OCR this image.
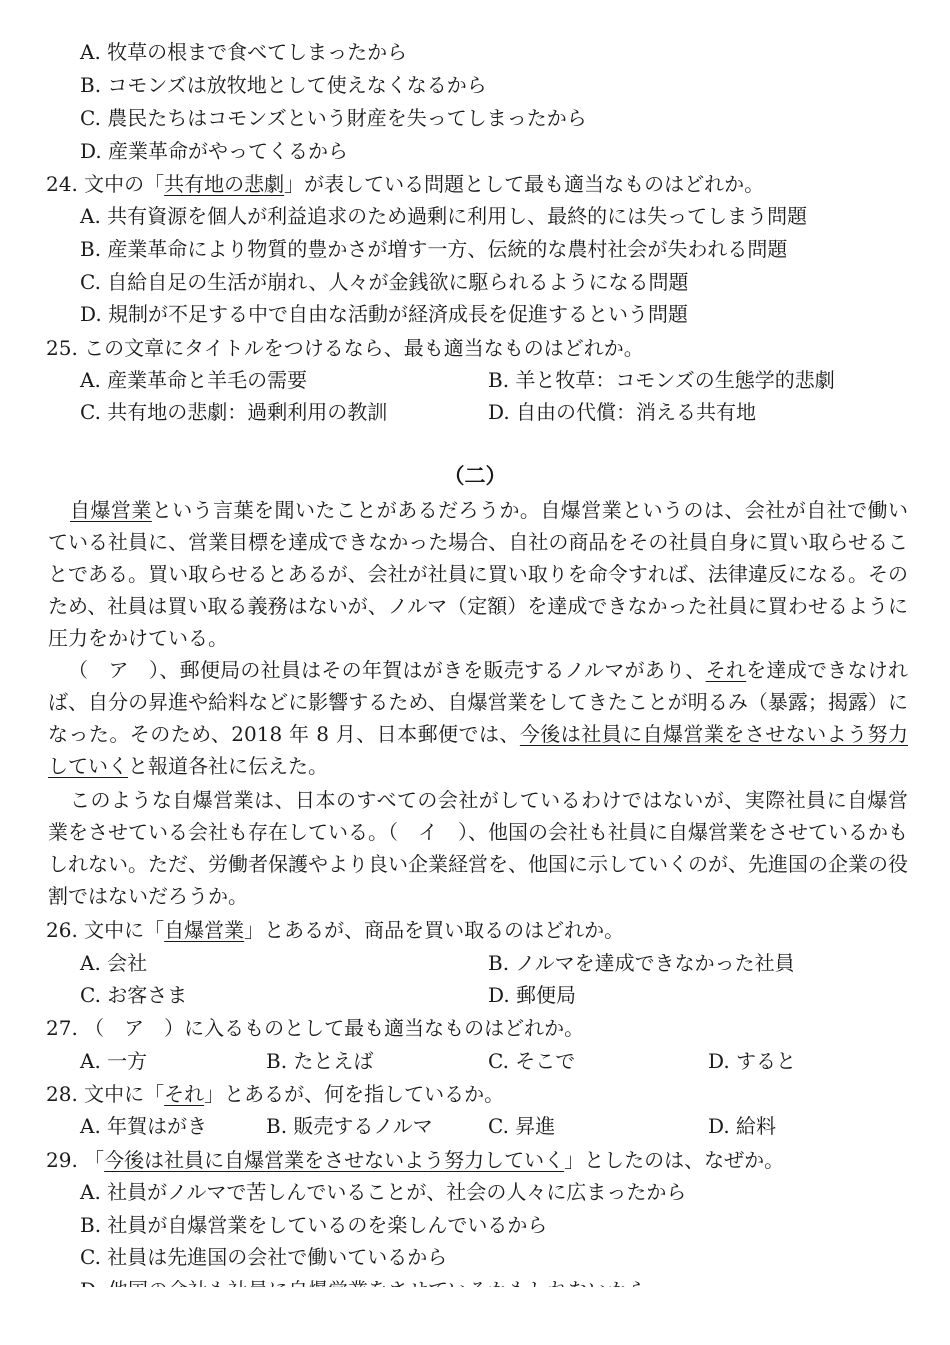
A. 牧草の根まで食べてしまったから
B. コモンズは放牧地として使えなくなるから
C. 農民たちはコモンズという財産を失ってしまったから
D. 産業革命がやってくるから
24. 文中の「共有地の悲劇」が表している問題として最も適当なものはどれか。
A. 共有資源を個人が利益追求のため過剰に利用し、最終的には失ってしまう問題
B. 産業革命により物質的豊かさが増す一方、伝統的な農村社会が失われる問題
C. 自給自足の生活が崩れ、人々が金銭欲に駆られるようになる問題
D. 規制が不足する中で自由な活動が経済成長を促進するという問題
25. この文章にタイトルをつけるなら、最も適当なものはどれか。
A. 産業革命と羊毛の需要	B. 羊と牧草：コモンズの生態学的悲劇
C. 共有地の悲劇：過剰利用の教訓	D. 自由の代償：消える共有地
（二）
自爆営業という言葉を聞いたことがあるだろうか。自爆営業というのは、会社が自社で働いている社員に、営業目標を達成できなかった場合、自社の商品をその社員自身に買い取らせることである。買い取らせるとあるが、会社が社員に買い取りを命令すれば、法律違反になる。そのため、社員は買い取る義務はないが、ノルマ（定額）を達成できなかった社員に買わせるように圧力をかけている。
（　ア　）、郵便局の社員はその年賀はがきを販売するノルマがあり、それを達成できなければ、自分の昇進や給料などに影響するため、自爆営業をしてきたことが明るみ（暴露；揭露）になった。そのため、2018 年 8 月、日本郵便では、今後は社員に自爆営業をさせないよう努力していくと報道各社に伝えた。
このような自爆営業は、日本のすべての会社がしているわけではないが、実際社員に自爆営業をさせている会社も存在している。（　イ　）、他国の会社も社員に自爆営業をさせているかもしれない。ただ、労働者保護やより良い企業経営を、他国に示していくのが、先進国の企業の役割ではないだろうか。
26. 文中に「自爆営業」とあるが、商品を買い取るのはどれか。
A. 会社	B. ノルマを達成できなかった社員
C. お客さま	D. 郵便局
27. （　ア　）に入るものとして最も適当なものはどれか。
A. 一方	B. たとえば	C. そこで	D. すると
28. 文中に「それ」とあるが、何を指しているか。
A. 年賀はがき	B. 販売するノルマ	C. 昇進	D. 給料
29. 「今後は社員に自爆営業をさせないよう努力していく」としたのは、なぜか。
A. 社員がノルマで苦しんでいることが、社会の人々に広まったから
B. 社員が自爆営業をしているのを楽しんでいるから
C. 社員は先進国の会社で働いているから
